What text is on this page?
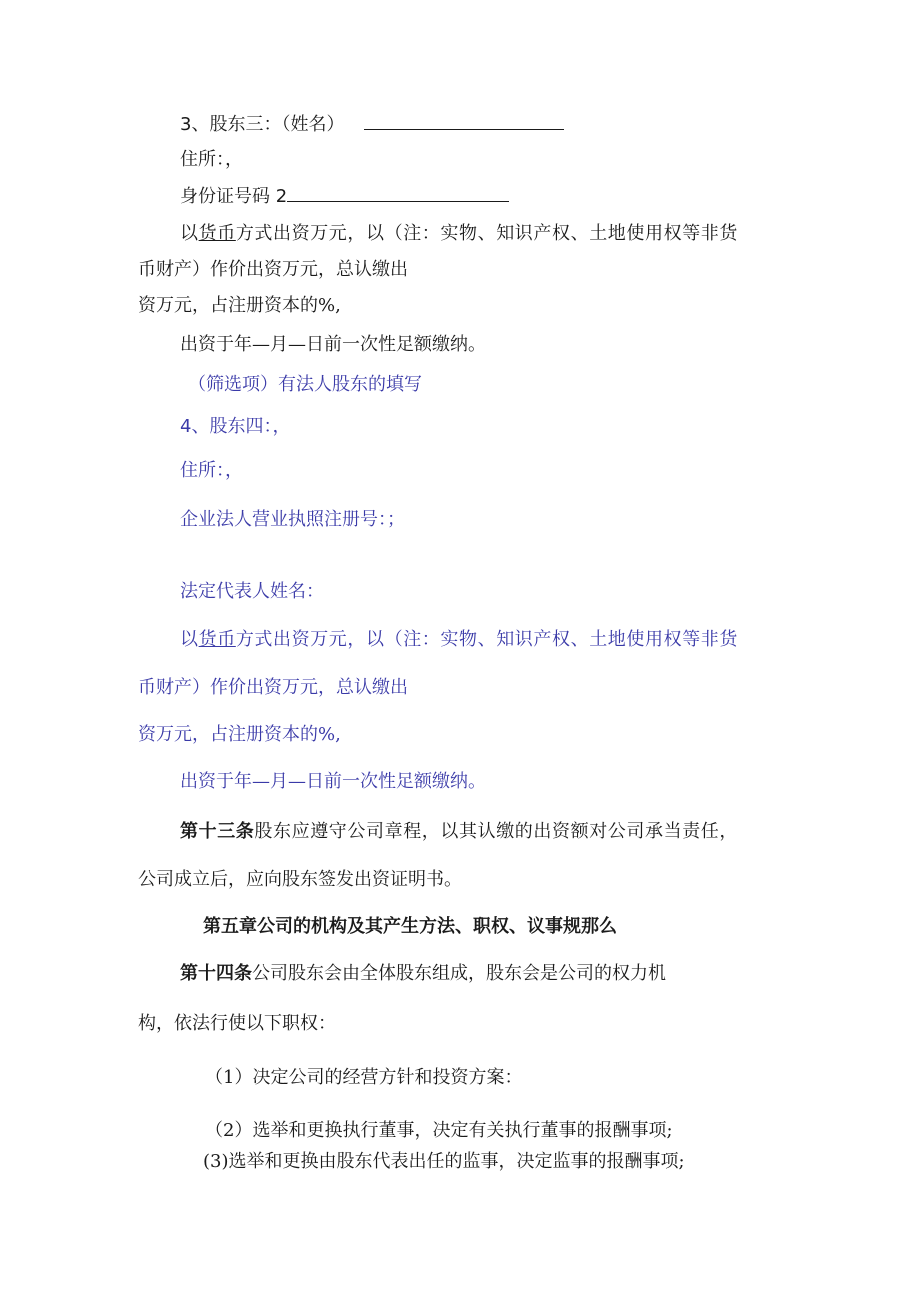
3、股东三：（姓名）
住所：，
身份证号码 2
以货币方式出资万元，以（注：实物、知识产权、土地使用权等非货
币财产）作价出资万元，总认缴出
资万元，占注册资本的%,
出资于年—月—日前一次性足额缴纳。
（筛选项）有法人股东的填写
4、股东四：，
住所：，
企业法人营业执照注册号：；
法定代表人姓名：
以货币方式出资万元，以（注：实物、知识产权、土地使用权等非货
币财产）作价出资万元，总认缴出
资万元，占注册资本的%,
出资于年—月—日前一次性足额缴纳。
第十三条股东应遵守公司章程，以其认缴的出资额对公司承当责任，
公司成立后，应向股东签发出资证明书。
第五章公司的机构及其产生方法、职权、议事规那么
第十四条公司股东会由全体股东组成，股东会是公司的权力机
构，依法行使以下职权：
（1）决定公司的经营方针和投资方案：
（2）选举和更换执行董事，决定有关执行董事的报酬事项;
(3)选举和更换由股东代表出任的监事，决定监事的报酬事项;
